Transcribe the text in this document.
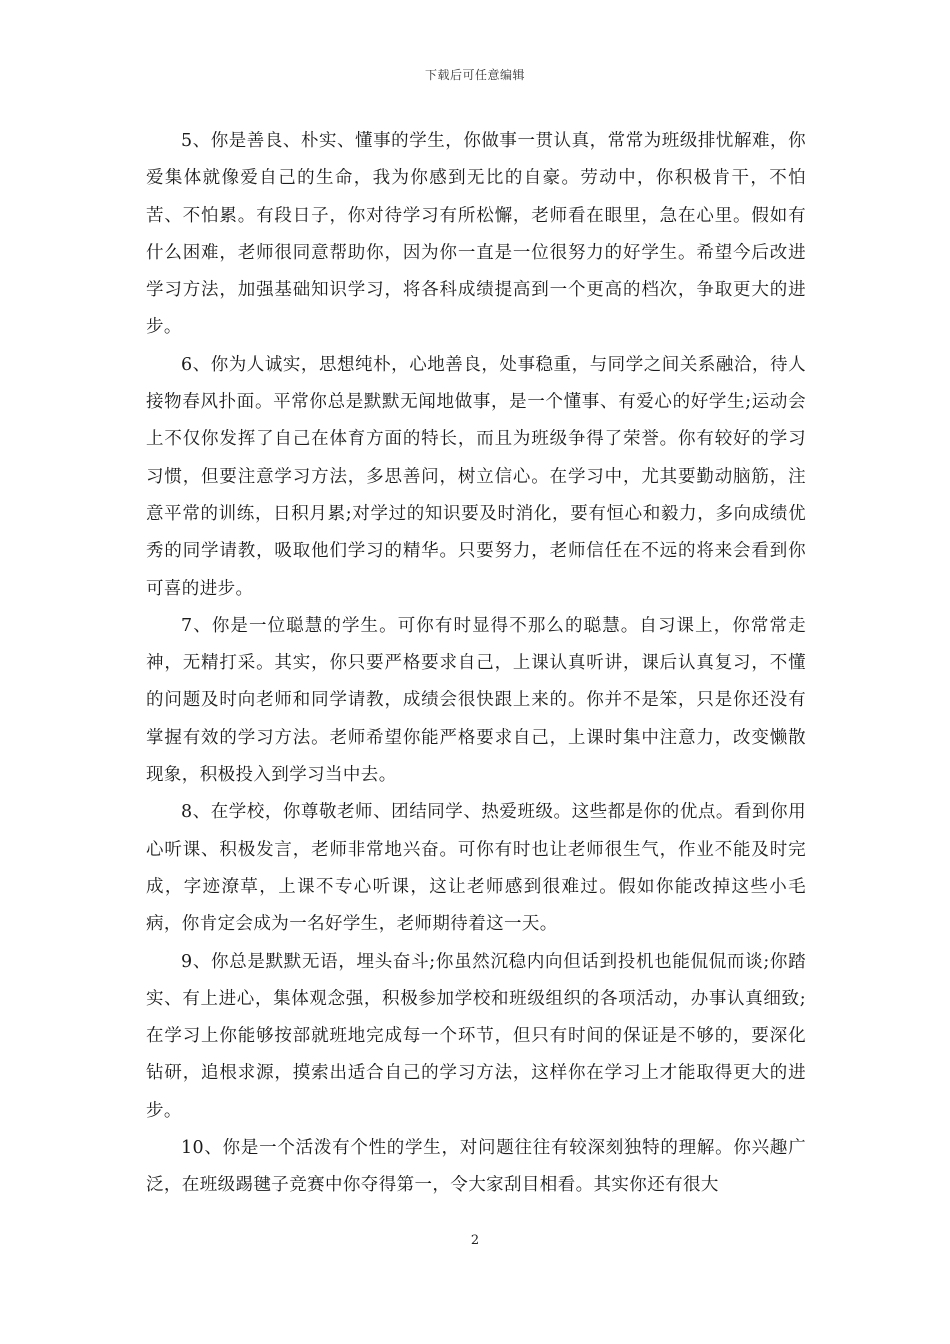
下载后可任意编辑

5、你是善良、朴实、懂事的学生，你做事一贯认真，常常为班级排忧解难，你爱集体就像爱自己的生命，我为你感到无比的自豪。劳动中，你积极肯干，不怕苦、不怕累。有段日子，你对待学习有所松懈，老师看在眼里，急在心里。假如有什么困难，老师很同意帮助你，因为你一直是一位很努力的好学生。希望今后改进学习方法，加强基础知识学习，将各科成绩提高到一个更高的档次，争取更大的进步。

6、你为人诚实，思想纯朴，心地善良，处事稳重，与同学之间关系融洽，待人接物春风扑面。平常你总是默默无闻地做事，是一个懂事、有爱心的好学生;运动会上不仅你发挥了自己在体育方面的特长，而且为班级争得了荣誉。你有较好的学习习惯，但要注意学习方法，多思善问，树立信心。在学习中，尤其要勤动脑筋，注意平常的训练，日积月累;对学过的知识要及时消化，要有恒心和毅力，多向成绩优秀的同学请教，吸取他们学习的精华。只要努力，老师信任在不远的将来会看到你可喜的进步。

7、你是一位聪慧的学生。可你有时显得不那么的聪慧。自习课上，你常常走神，无精打采。其实，你只要严格要求自己，上课认真听讲，课后认真复习，不懂的问题及时向老师和同学请教，成绩会很快跟上来的。你并不是笨，只是你还没有掌握有效的学习方法。老师希望你能严格要求自己，上课时集中注意力，改变懒散现象，积极投入到学习当中去。

8、在学校，你尊敬老师、团结同学、热爱班级。这些都是你的优点。看到你用心听课、积极发言，老师非常地兴奋。可你有时也让老师很生气，作业不能及时完成，字迹潦草，上课不专心听课，这让老师感到很难过。假如你能改掉这些小毛病，你肯定会成为一名好学生，老师期待着这一天。

9、你总是默默无语，埋头奋斗;你虽然沉稳内向但话到投机也能侃侃而谈;你踏实、有上进心，集体观念强，积极参加学校和班级组织的各项活动，办事认真细致;在学习上你能够按部就班地完成每一个环节，但只有时间的保证是不够的，要深化钻研，追根求源，摸索出适合自己的学习方法，这样你在学习上才能取得更大的进步。

10、你是一个活泼有个性的学生，对问题往往有较深刻独特的理解。你兴趣广泛，在班级踢毽子竞赛中你夺得第一，令大家刮目相看。其实你还有很大

2
